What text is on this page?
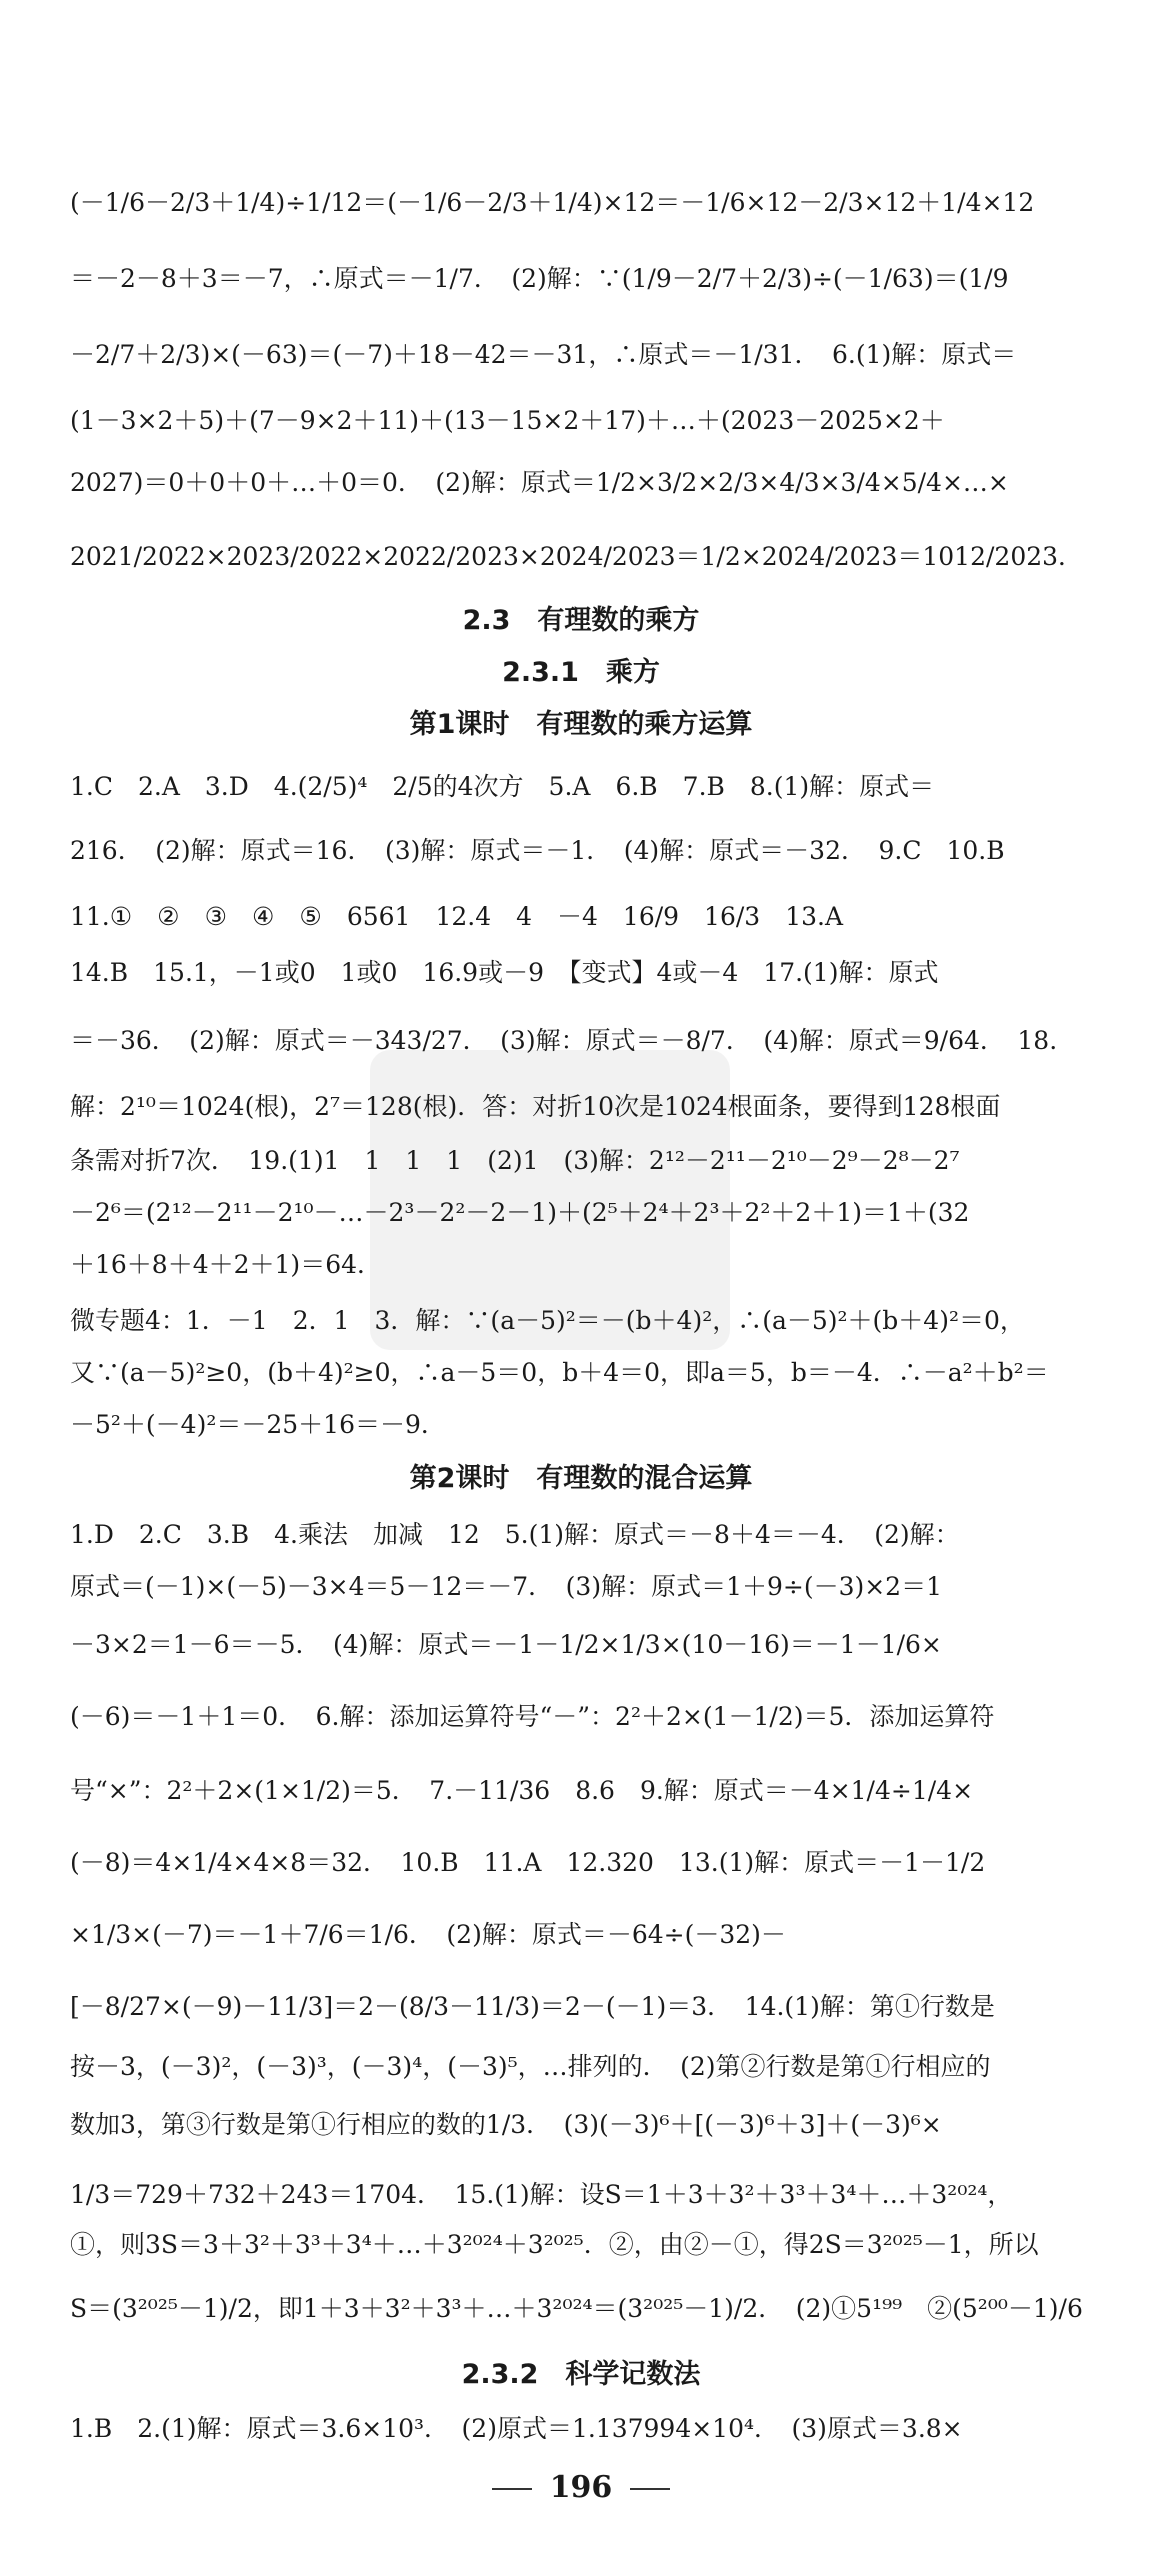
(－1/6－2/3＋1/4)÷1/12＝(－1/6－2/3＋1/4)×12＝－1/6×12－2/3×12＋1/4×12
＝－2－8＋3＝－7，∴原式＝－1/7．　(2)解：∵(1/9－2/7＋2/3)÷(－1/63)＝(1/9
－2/7＋2/3)×(－63)＝(－7)＋18－42＝－31，∴原式＝－1/31．　6.(1)解：原式＝
(1－3×2＋5)＋(7－9×2＋11)＋(13－15×2＋17)＋…＋(2023－2025×2＋
2027)＝0＋0＋0＋…＋0＝0．　(2)解：原式＝1/2×3/2×2/3×4/3×3/4×5/4×…×
2021/2022×2023/2022×2022/2023×2024/2023＝1/2×2024/2023＝1012/2023．
2.3　有理数的乘方
2.3.1　乘方
第1课时　有理数的乘方运算
1.C　2.A　3.D　4.(2/5)⁴　2/5的4次方　5.A　6.B　7.B　8.(1)解：原式＝
216．　(2)解：原式＝16．　(3)解：原式＝－1．　(4)解：原式＝－32．　9.C　10.B
11.①　②　③　④　⑤　6561　12.4　4　－4　16/9　16/3　13.A
14.B　15.1，－1或0　1或0　16.9或－9　【变式】4或－4　17.(1)解：原式
＝－36．　(2)解：原式＝－343/27．　(3)解：原式＝－8/7．　(4)解：原式＝9/64．　18.
解：2¹⁰＝1024(根)，2⁷＝128(根)．答：对折10次是1024根面条，要得到128根面
条需对折7次．　19.(1)1　1　1　1　(2)1　(3)解：2¹²－2¹¹－2¹⁰－2⁹－2⁸－2⁷
－2⁶＝(2¹²－2¹¹－2¹⁰－…－2³－2²－2－1)＋(2⁵＋2⁴＋2³＋2²＋2＋1)＝1＋(32
＋16＋8＋4＋2＋1)＝64．
微专题4：1．－1　2．1　3．解：∵(a－5)²＝－(b＋4)²，∴(a－5)²＋(b＋4)²＝0，
又∵(a－5)²≥0，(b＋4)²≥0，∴a－5＝0，b＋4＝0，即a＝5，b＝－4．∴－a²＋b²＝
－5²＋(－4)²＝－25＋16＝－9．
第2课时　有理数的混合运算
1.D　2.C　3.B　4.乘法　加减　12　5.(1)解：原式＝－8＋4＝－4．　(2)解：
原式＝(－1)×(－5)－3×4＝5－12＝－7．　(3)解：原式＝1＋9÷(－3)×2＝1
－3×2＝1－6＝－5．　(4)解：原式＝－1－1/2×1/3×(10－16)＝－1－1/6×
(－6)＝－1＋1＝0．　6.解：添加运算符号“－”：2²＋2×(1－1/2)＝5．添加运算符
号“×”：2²＋2×(1×1/2)＝5．　7.－11/36　8.6　9.解：原式＝－4×1/4÷1/4×
(－8)＝4×1/4×4×8＝32．　10.B　11.A　12.320　13.(1)解：原式＝－1－1/2
×1/3×(－7)＝－1＋7/6＝1/6．　(2)解：原式＝－64÷(－32)－
[－8/27×(－9)－11/3]＝2－(8/3－11/3)＝2－(－1)＝3．　14.(1)解：第①行数是
按－3，(－3)²，(－3)³，(－3)⁴，(－3)⁵，…排列的．　(2)第②行数是第①行相应的
数加3，第③行数是第①行相应的数的1/3．　(3)(－3)⁶＋[(－3)⁶＋3]＋(－3)⁶×
1/3＝729＋732＋243＝1704．　15.(1)解：设S＝1＋3＋3²＋3³＋3⁴＋…＋3²⁰²⁴，
①，则3S＝3＋3²＋3³＋3⁴＋…＋3²⁰²⁴＋3²⁰²⁵．②，由②－①，得2S＝3²⁰²⁵－1，所以
S＝(3²⁰²⁵－1)/2，即1＋3＋3²＋3³＋…＋3²⁰²⁴＝(3²⁰²⁵－1)/2．　(2)①5¹⁹⁹　②(5²⁰⁰－1)/6
2.3.2　科学记数法
1.B　2.(1)解：原式＝3.6×10³．　(2)原式＝1.137994×10⁴．　(3)原式＝3.8×
196
